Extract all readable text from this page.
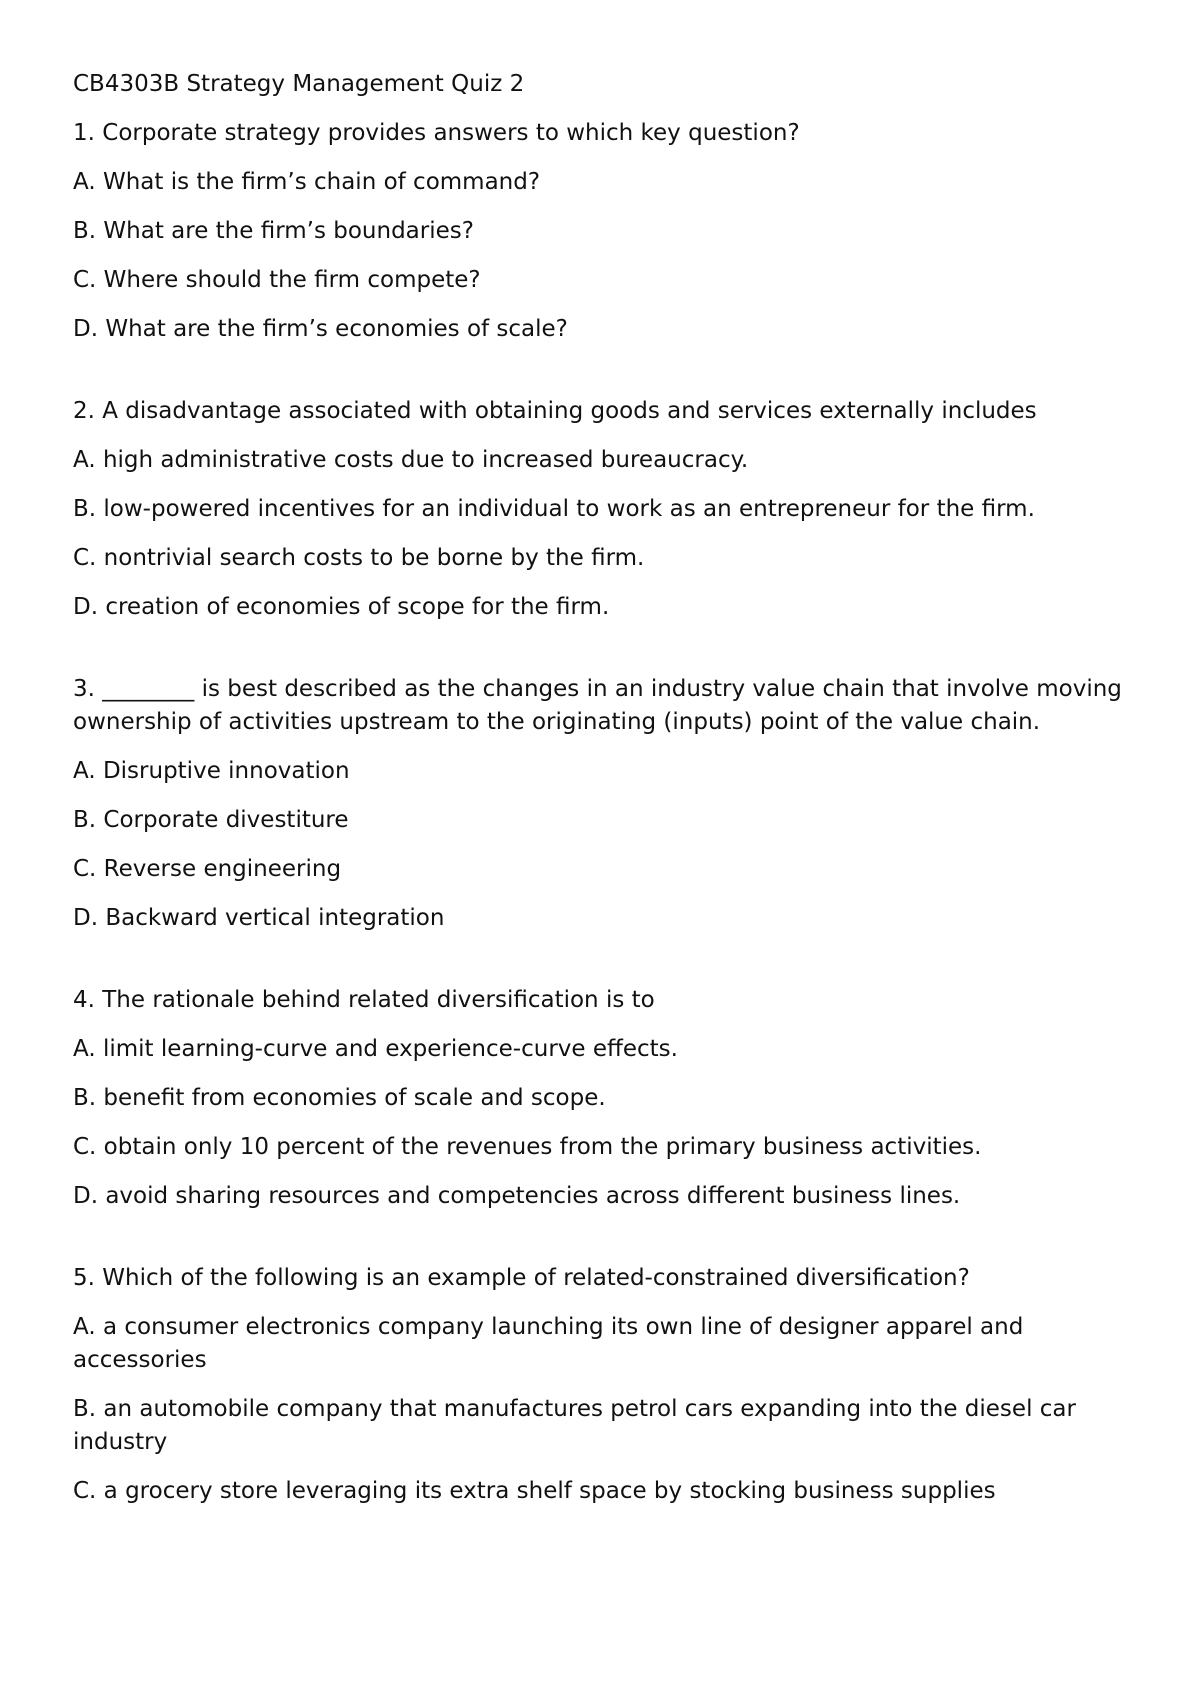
CB4303B Strategy Management Quiz 2
1. Corporate strategy provides answers to which key question?
A. What is the firm’s chain of command?
B. What are the firm’s boundaries?
C. Where should the firm compete?
D. What are the firm’s economies of scale?
2. A disadvantage associated with obtaining goods and services externally includes
A. high administrative costs due to increased bureaucracy.
B. low-powered incentives for an individual to work as an entrepreneur for the firm.
C. nontrivial search costs to be borne by the firm.
D. creation of economies of scope for the firm.
3. ________ is best described as the changes in an industry value chain that involve moving ownership of activities upstream to the originating (inputs) point of the value chain.
A. Disruptive innovation
B. Corporate divestiture
C. Reverse engineering
D. Backward vertical integration
4. The rationale behind related diversification is to
A. limit learning-curve and experience-curve effects.
B. benefit from economies of scale and scope.
C. obtain only 10 percent of the revenues from the primary business activities.
D. avoid sharing resources and competencies across different business lines.
5. Which of the following is an example of related-constrained diversification?
A. a consumer electronics company launching its own line of designer apparel and accessories
B. an automobile company that manufactures petrol cars expanding into the diesel car industry
C. a grocery store leveraging its extra shelf space by stocking business supplies
